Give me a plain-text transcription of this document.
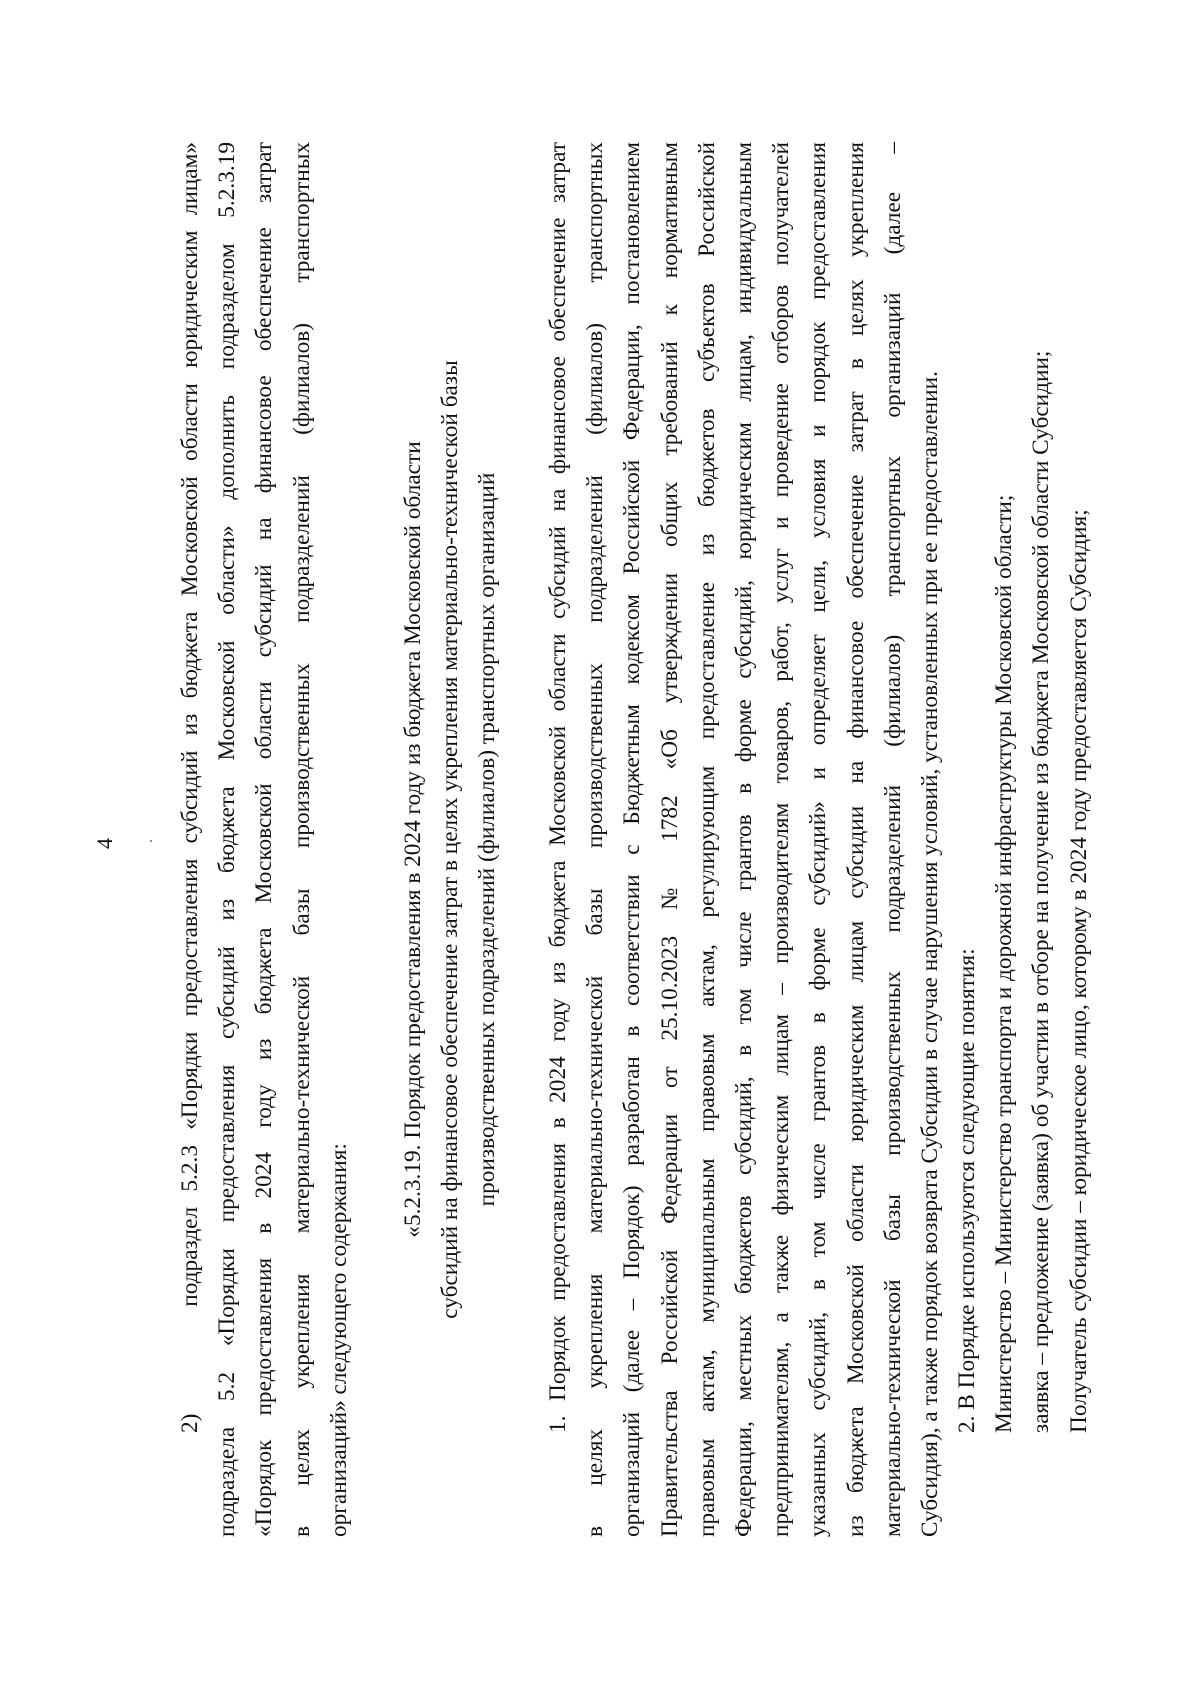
4	2)       подраздел 5.2.3 «Порядки предоставления субсидий из бюджета Московской области юридическим лицам» подраздела 5.2 «Порядки предоставления субсидий из бюджета Московской области» дополнить подразделом 5.2.3.19 «Порядок предоставления в 2024 году из бюджета Московской области субсидий на финансовое обеспечение затрат в целях укрепления материально-технической базы производственных подразделений (филиалов) транспортных организаций» следующего содержания:
«5.2.3.19. Порядок предоставления в 2024 году из бюджета Московской области субсидий на финансовое обеспечение затрат в целях укрепления материально-технической базы производственных подразделений (филиалов) транспортных организаций 1. Порядок предоставления в 2024 году из бюджета Московской области субсидий на финансовое обеспечение затрат в целях укрепления материально-технической базы производственных подразделений (филиалов) транспортных организаций (далее – Порядок) разработан в соответствии с Бюджетным кодексом Российской Федерации, постановлением Правительства Российской Федерации от 25.10.2023 № 1782 «Об утверждении общих требований к нормативным правовым актам, муниципальным правовым актам, регулирующим предоставление из бюджетов субъектов Российской Федерации, местных бюджетов субсидий, в том числе грантов в форме субсидий, юридическим лицам, индивидуальным предпринимателям, а также физическим лицам – производителям товаров, работ, услуг и проведение отборов получателей указанных субсидий, в том числе грантов в форме субсидий» и определяет цели, условия и порядок предоставления из бюджета Московской области юридическим лицам субсидии на финансовое обеспечение затрат в целях укрепления материально-технической базы производственных подразделений (филиалов) транспортных организаций (далее – Субсидия), а также порядок возврата Субсидии в случае нарушения условий, установленных при ее предоставлении. 2. В Порядке используются следующие понятия: Министерство – Министерство транспорта и дорожной инфраструктуры Московской области; заявка – предложение (заявка) об участии в отборе на получение из бюджета Московской области Субсидии; Получатель субсидии – юридическое лицо, которому в 2024 году предоставляется Субсидия;
